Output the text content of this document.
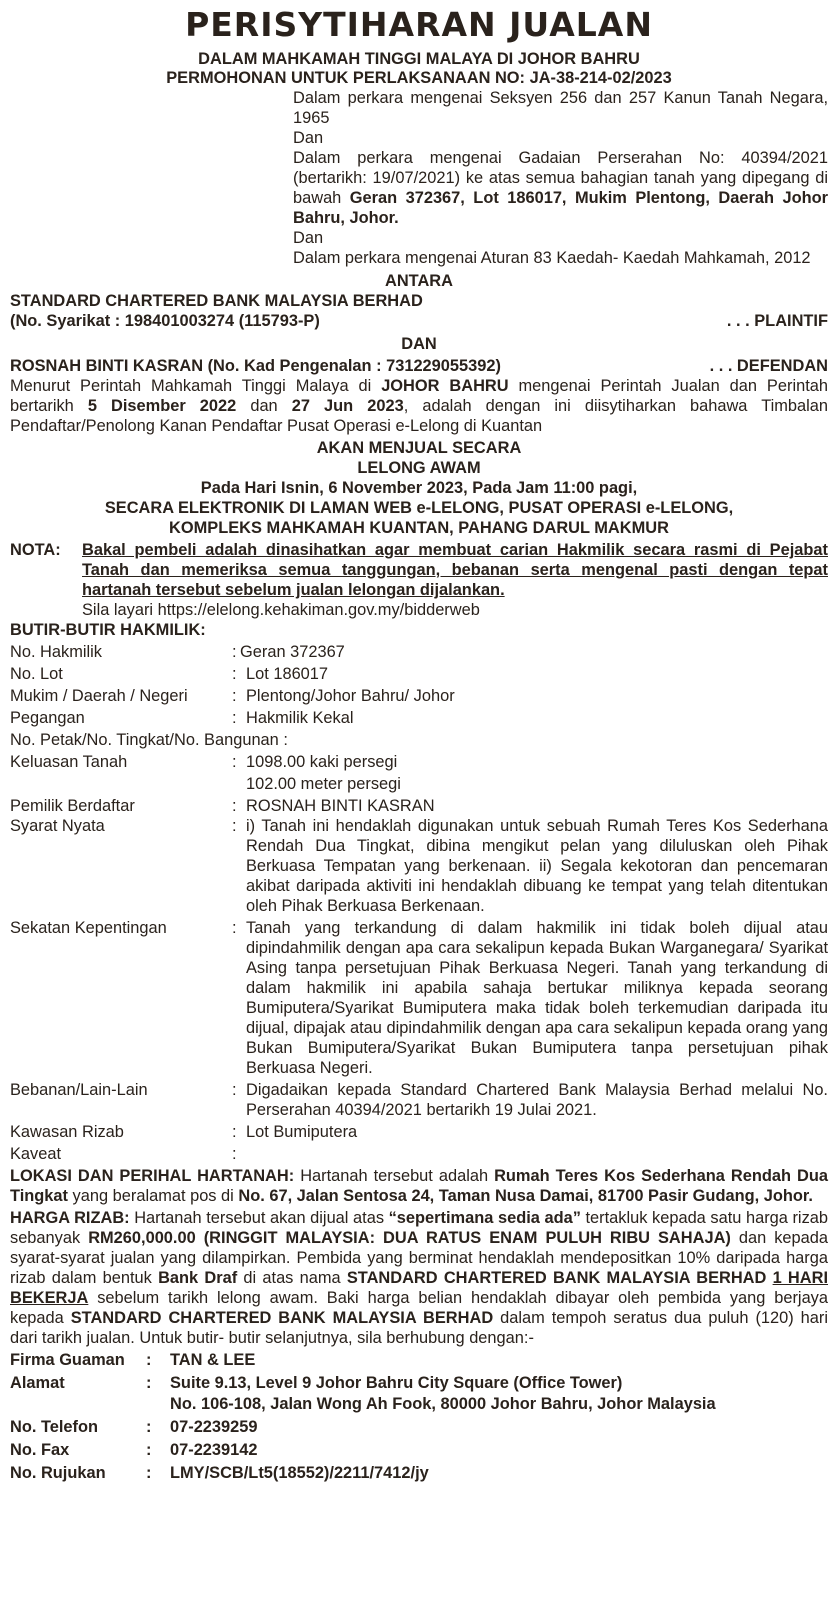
PERISYTIHARAN JUALAN
DALAM MAHKAMAH TINGGI MALAYA DI JOHOR BAHRU
PERMOHONAN UNTUK PERLAKSANAAN NO: JA-38-214-02/2023
Dalam perkara mengenai Seksyen 256 dan 257 Kanun Tanah Negara, 1965
Dan
Dalam perkara mengenai Gadaian Perserahan No: 40394/2021 (bertarikh: 19/07/2021) ke atas semua bahagian tanah yang dipegang di bawah Geran 372367, Lot 186017, Mukim Plentong, Daerah Johor Bahru, Johor.
Dan
Dalam perkara mengenai Aturan 83 Kaedah- Kaedah Mahkamah, 2012
ANTARA
STANDARD CHARTERED BANK MALAYSIA BERHAD
(No. Syarikat : 198401003274 (115793-P)	. . . PLAINTIF
DAN
ROSNAH BINTI KASRAN (No. Kad Pengenalan : 731229055392)	. . . DEFENDAN
Menurut Perintah Mahkamah Tinggi Malaya di JOHOR BAHRU mengenai Perintah Jualan dan Perintah bertarikh 5 Disember 2022 dan 27 Jun 2023, adalah dengan ini diisytiharkan bahawa Timbalan Pendaftar/Penolong Kanan Pendaftar Pusat Operasi e-Lelong di Kuantan
AKAN MENJUAL SECARA
LELONG AWAM
Pada Hari Isnin, 6 November 2023, Pada Jam 11:00 pagi,
SECARA ELEKTRONIK DI LAMAN WEB e-LELONG, PUSAT OPERASI e-LELONG,
KOMPLEKS MAHKAMAH KUANTAN, PAHANG DARUL MAKMUR
NOTA:	Bakal pembeli adalah dinasihatkan agar membuat carian Hakmilik secara rasmi di Pejabat Tanah dan memeriksa semua tanggungan, bebanan serta mengenal pasti dengan tepat hartanah tersebut sebelum jualan lelongan dijalankan.
Sila layari https://elelong.kehakiman.gov.my/bidderweb
BUTIR-BUTIR HAKMILIK:
No. Hakmilik	: Geran 372367
No. Lot	: Lot 186017
Mukim / Daerah / Negeri	: Plentong/Johor Bahru/ Johor
Pegangan	: Hakmilik Kekal
No. Petak/No. Tingkat/No. Bangunan :
Keluasan Tanah	: 1098.00 kaki persegi
102.00 meter persegi
Pemilik Berdaftar	: ROSNAH BINTI KASRAN
Syarat Nyata	: i) Tanah ini hendaklah digunakan untuk sebuah Rumah Teres Kos Sederhana Rendah Dua Tingkat, dibina mengikut pelan yang diluluskan oleh Pihak Berkuasa Tempatan yang berkenaan. ii) Segala kekotoran dan pencemaran akibat daripada aktiviti ini hendaklah dibuang ke tempat yang telah ditentukan oleh Pihak Berkuasa Berkenaan.
Sekatan Kepentingan	: Tanah yang terkandung di dalam hakmilik ini tidak boleh dijual atau dipindahmilik dengan apa cara sekalipun kepada Bukan Warganegara/ Syarikat Asing tanpa persetujuan Pihak Berkuasa Negeri. Tanah yang terkandung di dalam hakmilik ini apabila sahaja bertukar miliknya kepada seorang Bumiputera/Syarikat Bumiputera maka tidak boleh terkemudian daripada itu dijual, dipajak atau dipindahmilik dengan apa cara sekalipun kepada orang yang Bukan Bumiputera/Syarikat Bukan Bumiputera tanpa persetujuan pihak Berkuasa Negeri.
Bebanan/Lain-Lain	: Digadaikan kepada Standard Chartered Bank Malaysia Berhad melalui No. Perserahan 40394/2021 bertarikh 19 Julai 2021.
Kawasan Rizab	: Lot Bumiputera
Kaveat	:
LOKASI DAN PERIHAL HARTANAH: Hartanah tersebut adalah Rumah Teres Kos Sederhana Rendah Dua Tingkat yang beralamat pos di No. 67, Jalan Sentosa 24, Taman Nusa Damai, 81700 Pasir Gudang, Johor.
HARGA RIZAB: Hartanah tersebut akan dijual atas “sepertimana sedia ada” tertakluk kepada satu harga rizab sebanyak RM260,000.00 (RINGGIT MALAYSIA: DUA RATUS ENAM PULUH RIBU SAHAJA) dan kepada syarat-syarat jualan yang dilampirkan. Pembida yang berminat hendaklah mendepositkan 10% daripada harga rizab dalam bentuk Bank Draf di atas nama STANDARD CHARTERED BANK MALAYSIA BERHAD 1 HARI BEKERJA sebelum tarikh lelong awam. Baki harga belian hendaklah dibayar oleh pembida yang berjaya kepada STANDARD CHARTERED BANK MALAYSIA BERHAD dalam tempoh seratus dua puluh (120) hari dari tarikh jualan. Untuk butir- butir selanjutnya, sila berhubung dengan:-
Firma Guaman	:	TAN & LEE
Alamat	:	Suite 9.13, Level 9 Johor Bahru City Square (Office Tower)
No. 106-108, Jalan Wong Ah Fook, 80000 Johor Bahru, Johor Malaysia
No. Telefon	:	07-2239259
No. Fax	:	07-2239142
No. Rujukan	:	LMY/SCB/Lt5(18552)/2211/7412/jy
